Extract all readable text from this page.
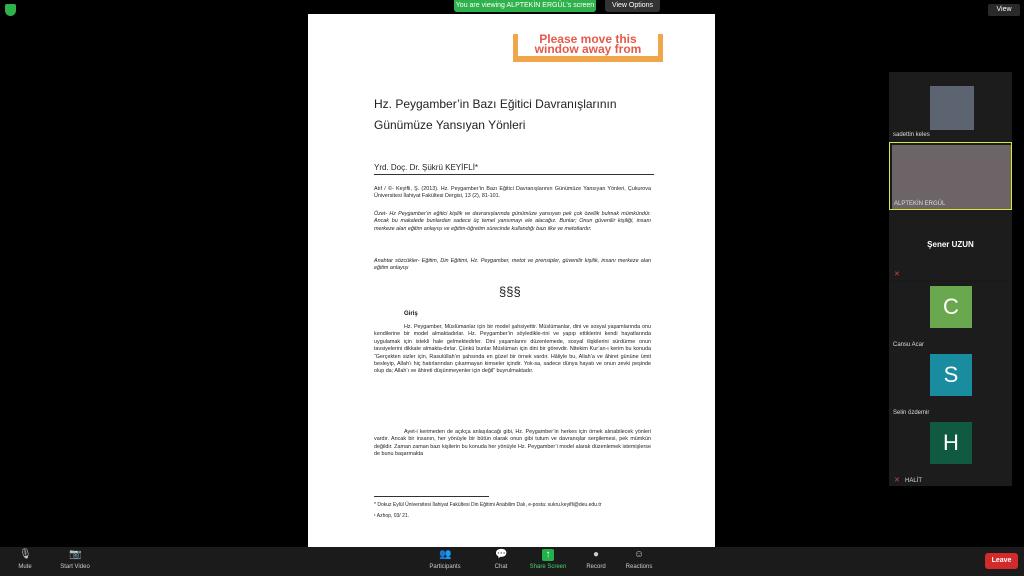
You are viewing ALPTEKİN ERGÜL's screen	View Options
View
Please move this window away from
Hz. Peygamber’in Bazı Eğitici Davranışlarının
Günümüze Yansıyan Yönleri
Yrd. Doç. Dr. Şükrü KEYİFLİ*
Atıf / ©- Keyifli, Ş. (2013). Hz. Peygamber’in Bazı Eğitici Davranışlarının Günümüze Yansıyan Yönleri, Çukurova Üniversitesi İlahiyat Fakültesi Dergisi, 13 (2), 81-101.
Özet- Hz Peygamber’in eğitici kişilik ve davranışlarında günümüze yansıyan pek çok özellik bulmak mümkündür. Ancak bu makalede bunlardan sadece üç temel yansımayı ele alacağız. Bunlar; Onun güvenilir kişiliği, insanı merkeze alan eğitim anlayışı ve eğitim-öğretim sürecinde kullandığı bazı ilke ve metotlardır.
Anahtar sözcükler- Eğitim, Din Eğitimi, Hz. Peygamber, metot ve prensipler, güvenilir kişilik, insanı merkeze alan eğitim anlayışı
§§§
Giriş
Hz. Peygamber, Müslümanlar için bir model şahsiyettir. Müslümanlar, dini ve sosyal yaşamlarında onu kendilerine bir model almaktadırlar. Hz. Peygamber’in söyledikle-rini ve yapıp ettiklerini kendi hayatlarında uygulamak için istekli hale gelmektedirler. Dini yaşamlarını düzenlemede, sosyal ilişkilerini sürdürme onun tavsiyelerini dikkate almakta-dırlar. Çünkü bunlar Müslüman için dini bir görevdir. Nitekim Kur’an-ı kerim bu konuda “Gerçekten sizler için, Rasulüllah’ın şahsında en güzel bir örnek vardır. Hâliyle bu, Allah’a ve âhiret gününe ümit besleyip, Allah’ı hiç hatırlarından çıkarmayan kimseler içindir. Yok-sa, sadece dünya hayatı ve onun zevki peşinde olup da; Allah’ı ve âhireti düşünmeyenler için değil” buyrulmaktadır.
Ayet-i kerimeden de açıkça anlaşılacağı gibi, Hz. Peygamber’in herkes için örnek alınabilecek yönleri vardır. Ancak bir insanın, her yönüyle bir bütün olarak onun gibi tutum ve davranışlar sergilemesi, pek mümkün değildir. Zaman zaman bazı kişilerin bu konuda her yönüyle Hz. Peygamber’i model alarak düzenlemek istemişlerse de bunu başarmakta
* Dokuz Eylül Üniversitesi İlahiyat Fakültesi Din Eğitimi Anabilim Dalı, e-posta: sukru.keyifli@deu.edu.tr
¹ Azhop, 03/ 21.
sadettin keles
ALPTEKİN ERGÜL
Şener UZUN
✕
C
Cansu Acar
S
Selin özdemir
H
✕ HALİT
🎙
Mute
📷
Start Video
👥
Participants
💬
Chat
↑
Share Screen
●
Record
☺
Reactions
Leave
